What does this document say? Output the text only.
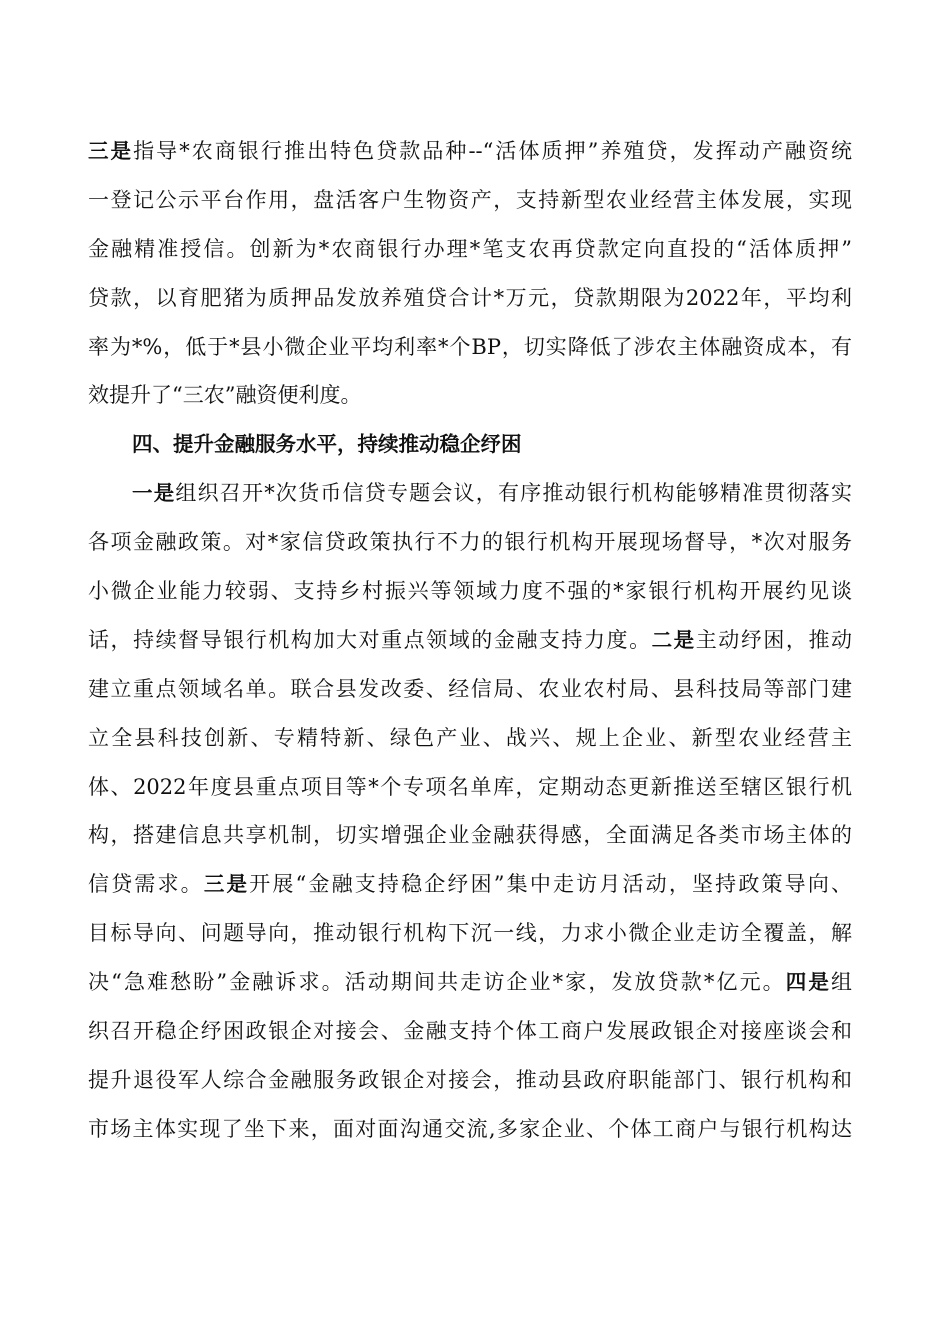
三是指导*农商银行推出特色贷款品种--“活体质押”养殖贷，发挥动产融资统
一登记公示平台作用，盘活客户生物资产，支持新型农业经营主体发展，实现
金融精准授信。创新为*农商银行办理*笔支农再贷款定向直投的“活体质押”
贷款，以育肥猪为质押品发放养殖贷合计*万元，贷款期限为2022年，平均利
率为*%，低于*县小微企业平均利率*个BP，切实降低了涉农主体融资成本，有
效提升了“三农”融资便利度。
四、提升金融服务水平，持续推动稳企纾困
一是组织召开*次货币信贷专题会议，有序推动银行机构能够精准贯彻落实
各项金融政策。对*家信贷政策执行不力的银行机构开展现场督导，*次对服务
小微企业能力较弱、支持乡村振兴等领域力度不强的*家银行机构开展约见谈
话，持续督导银行机构加大对重点领域的金融支持力度。二是主动纾困，推动
建立重点领域名单。联合县发改委、经信局、农业农村局、县科技局等部门建
立全县科技创新、专精特新、绿色产业、战兴、规上企业、新型农业经营主
体、2022年度县重点项目等*个专项名单库，定期动态更新推送至辖区银行机
构，搭建信息共享机制，切实增强企业金融获得感，全面满足各类市场主体的
信贷需求。三是开展“金融支持稳企纾困”集中走访月活动，坚持政策导向、
目标导向、问题导向，推动银行机构下沉一线，力求小微企业走访全覆盖，解
决“急难愁盼”金融诉求。活动期间共走访企业*家，发放贷款*亿元。四是组
织召开稳企纾困政银企对接会、金融支持个体工商户发展政银企对接座谈会和
提升退役军人综合金融服务政银企对接会，推动县政府职能部门、银行机构和
市场主体实现了坐下来，面对面沟通交流,多家企业、个体工商户与银行机构达
